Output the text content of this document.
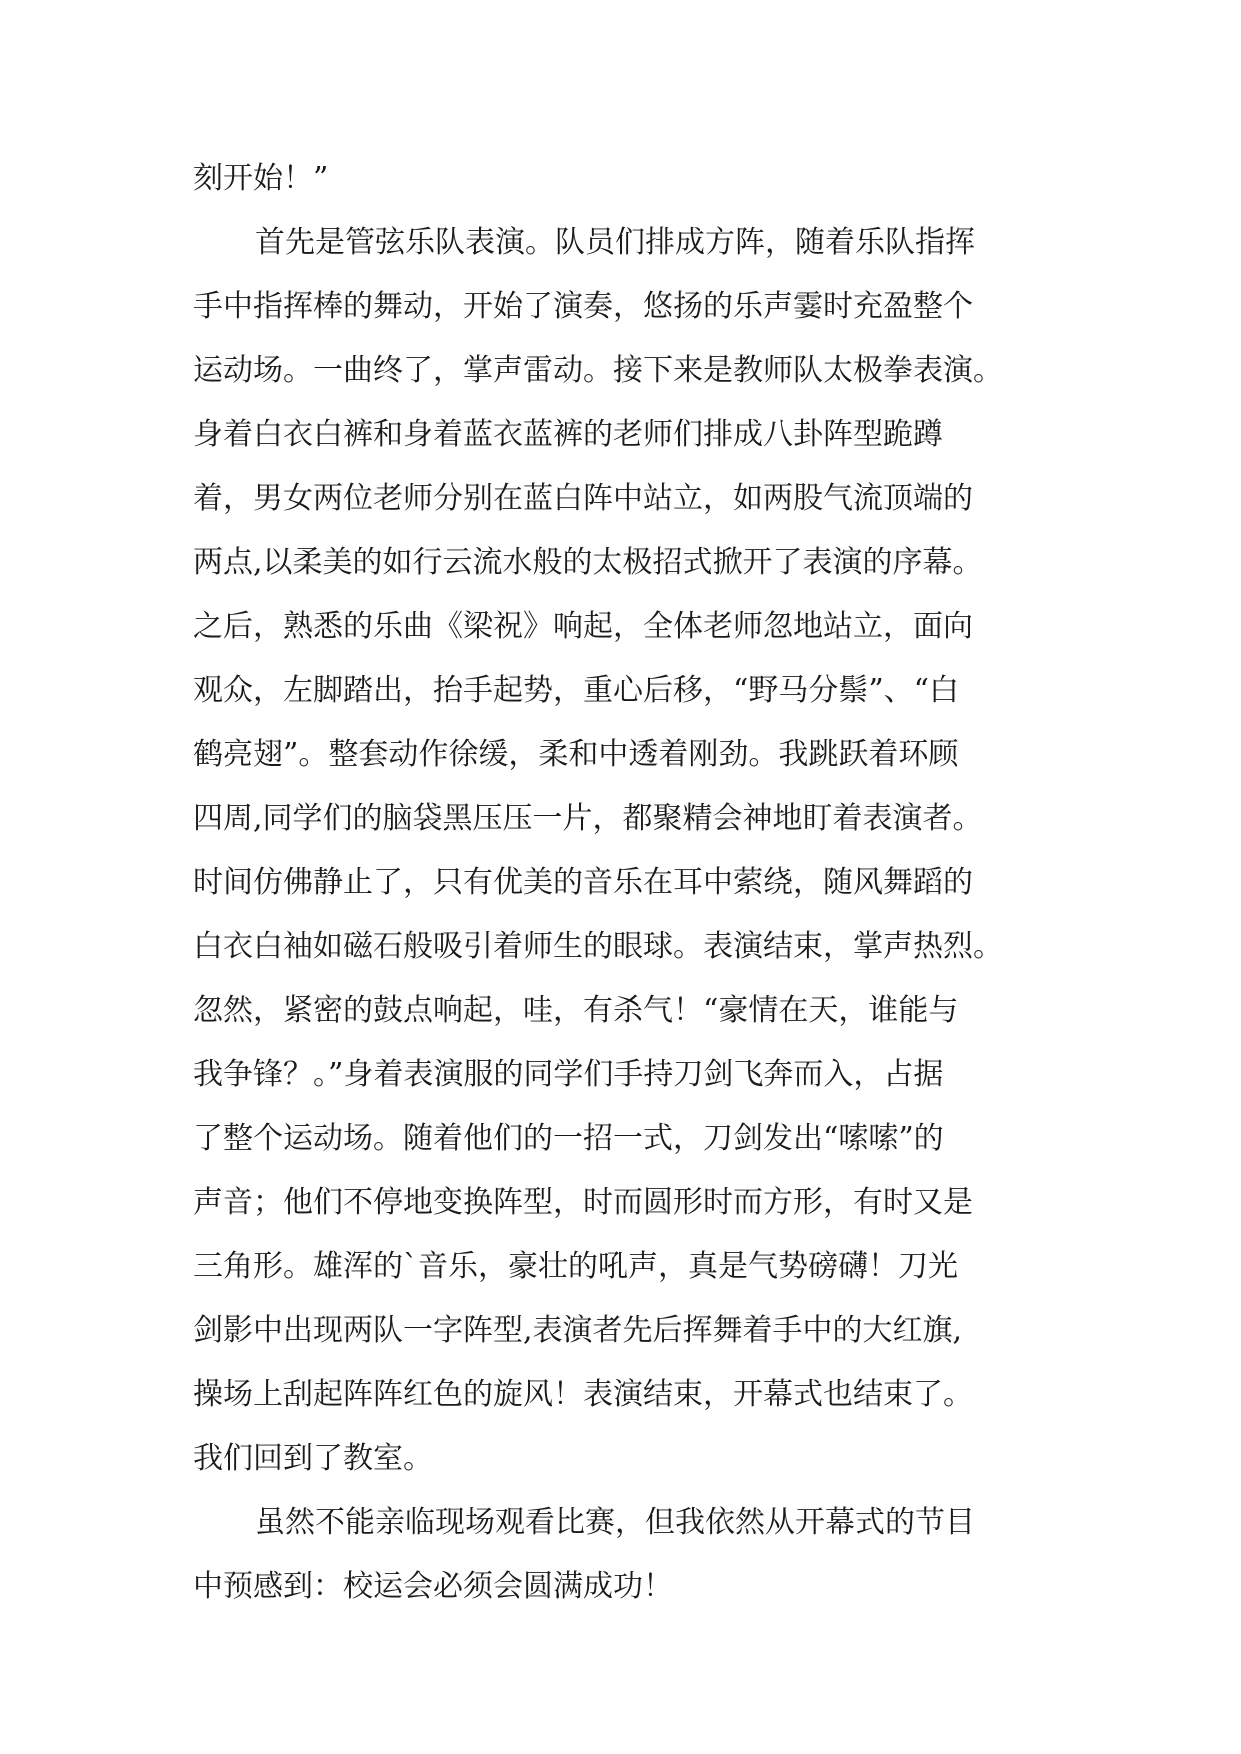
刻开始！”
首先是管弦乐队表演。队员们排成方阵，随着乐队指挥
手中指挥棒的舞动，开始了演奏，悠扬的乐声霎时充盈整个
运动场。一曲终了，掌声雷动。接下来是教师队太极拳表演。
身着白衣白裤和身着蓝衣蓝裤的老师们排成八卦阵型跪蹲
着，男女两位老师分别在蓝白阵中站立，如两股气流顶端的
两点,以柔美的如行云流水般的太极招式掀开了表演的序幕。
之后，熟悉的乐曲《梁祝》响起，全体老师忽地站立，面向
观众，左脚踏出，抬手起势，重心后移，“野马分鬃”、“白
鹤亮翅”。整套动作徐缓，柔和中透着刚劲。我跳跃着环顾
四周,同学们的脑袋黑压压一片，都聚精会神地盯着表演者。
时间仿佛静止了，只有优美的音乐在耳中萦绕，随风舞蹈的
白衣白袖如磁石般吸引着师生的眼球。表演结束，掌声热烈。
忽然，紧密的鼓点响起，哇，有杀气！“豪情在天，谁能与
我争锋？。”身着表演服的同学们手持刀剑飞奔而入，占据
了整个运动场。随着他们的一招一式，刀剑发出“嗦嗦”的
声音；他们不停地变换阵型，时而圆形时而方形，有时又是
三角形。雄浑的`音乐，豪壮的吼声，真是气势磅礴！刀光
剑影中出现两队一字阵型,表演者先后挥舞着手中的大红旗,
操场上刮起阵阵红色的旋风！表演结束，开幕式也结束了。
我们回到了教室。
虽然不能亲临现场观看比赛，但我依然从开幕式的节目
中预感到：校运会必须会圆满成功！
